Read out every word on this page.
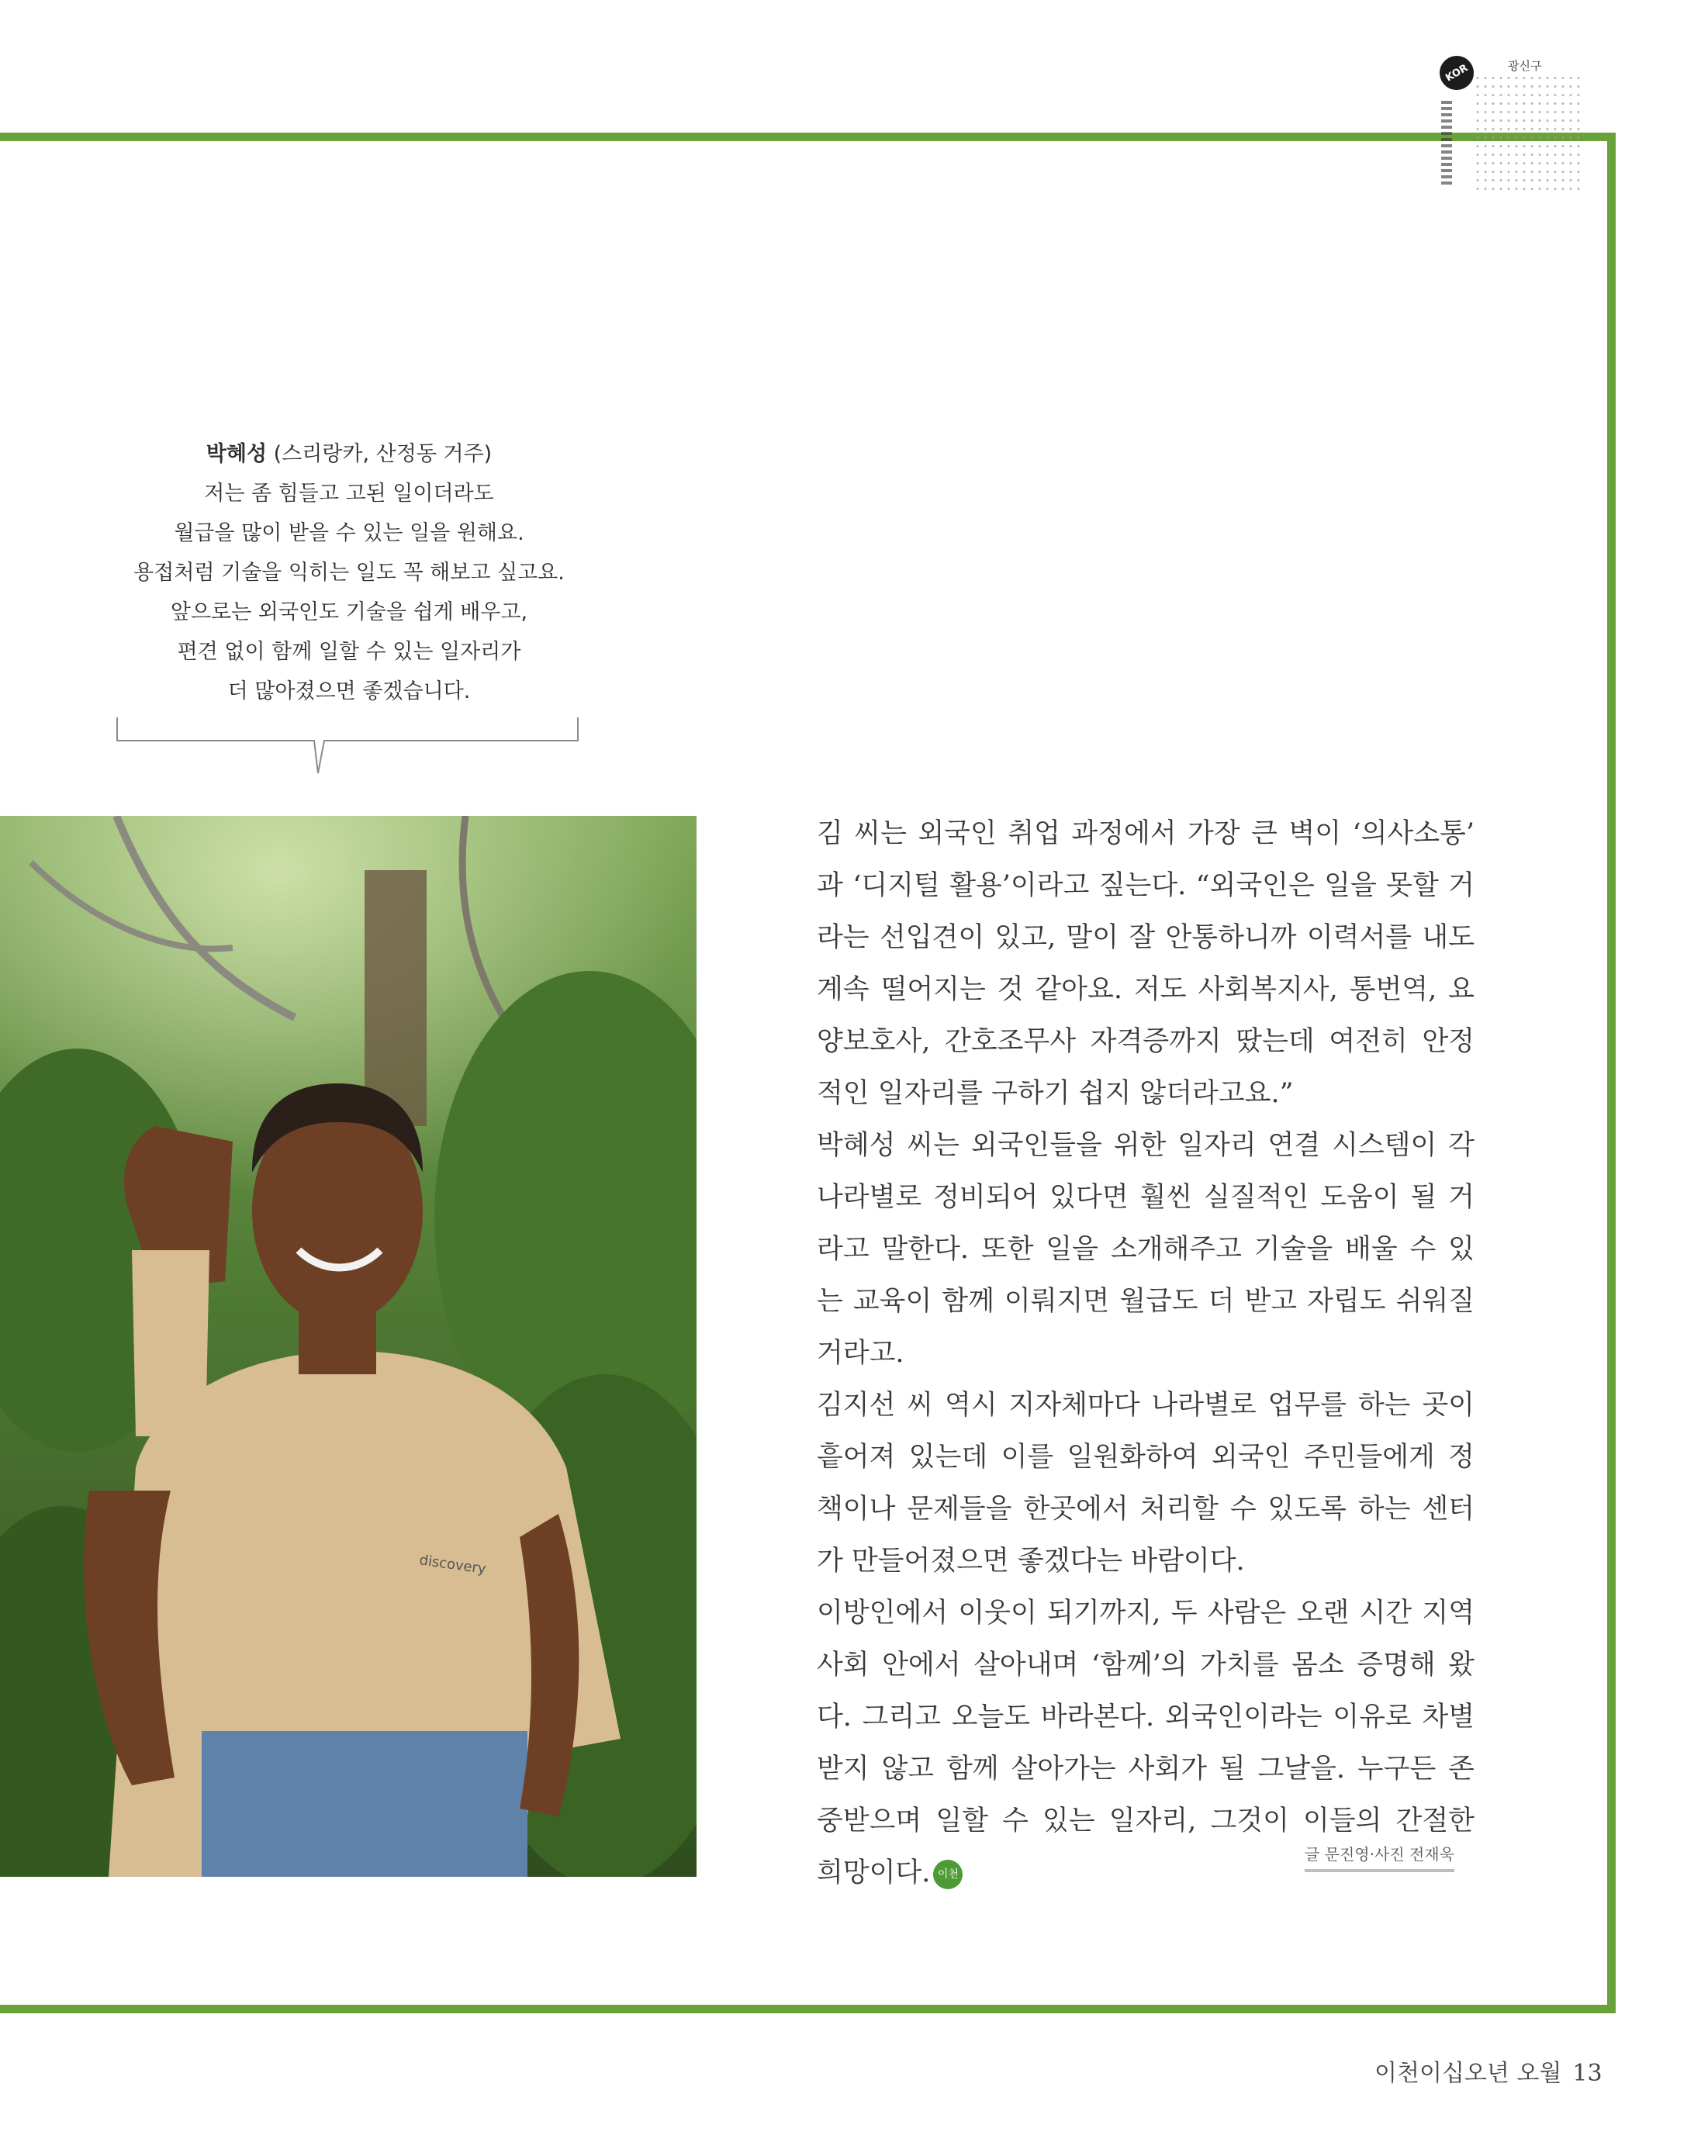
KOR	광신구
박혜성 (스리랑카, 산정동 거주)
저는 좀 힘들고 고된 일이더라도
월급을 많이 받을 수 있는 일을 원해요.
용접처럼 기술을 익히는 일도 꼭 해보고 싶고요.
앞으로는 외국인도 기술을 쉽게 배우고,
편견 없이 함께 일할 수 있는 일자리가
더 많아졌으면 좋겠습니다.
discovery
김 씨는 외국인 취업 과정에서 가장 큰 벽이 ‘의사소통’
과 ‘디지털 활용’이라고 짚는다. “외국인은 일을 못할 거
라는 선입견이 있고, 말이 잘 안통하니까 이력서를 내도
계속 떨어지는 것 같아요. 저도 사회복지사, 통번역, 요
양보호사, 간호조무사 자격증까지 땄는데 여전히 안정
적인 일자리를 구하기 쉽지 않더라고요.”
박혜성 씨는 외국인들을 위한 일자리 연결 시스템이 각
나라별로 정비되어 있다면 훨씬 실질적인 도움이 될 거
라고 말한다. 또한 일을 소개해주고 기술을 배울 수 있
는 교육이 함께 이뤄지면 월급도 더 받고 자립도 쉬워질
거라고.
김지선 씨 역시 지자체마다 나라별로 업무를 하는 곳이
흩어져 있는데 이를 일원화하여 외국인 주민들에게 정
책이나 문제들을 한곳에서 처리할 수 있도록 하는 센터
가 만들어졌으면 좋겠다는 바람이다.
이방인에서 이웃이 되기까지, 두 사람은 오랜 시간 지역
사회 안에서 살아내며 ‘함께’의 가치를 몸소 증명해 왔
다. 그리고 오늘도 바라본다. 외국인이라는 이유로 차별
받지 않고 함께 살아가는 사회가 될 그날을. 누구든 존
중받으며 일할 수 있는 일자리, 그것이 이들의 간절한
희망이다. 이천
글 문진영·사진 전재욱
이천이십오년 오월 13
